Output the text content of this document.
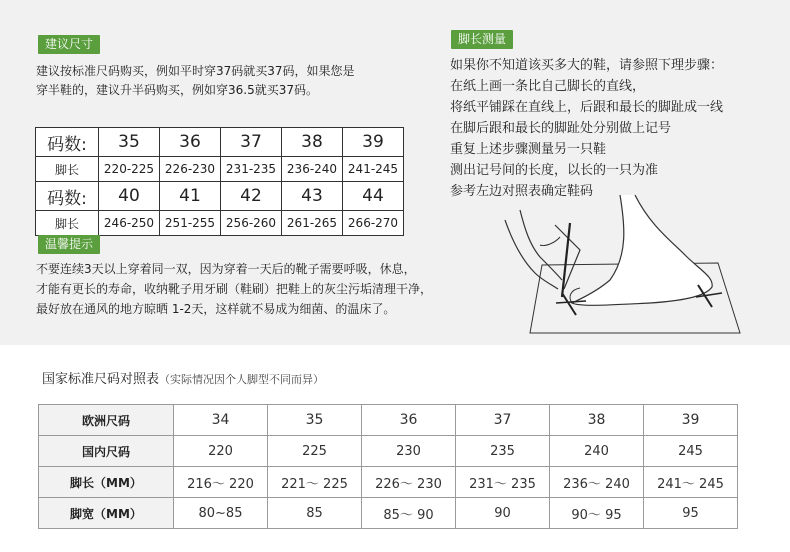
建议尺寸
建议按标准尺码购买，例如平时穿37码就买37码，如果您是
穿半鞋的，建议升半码购买，例如穿36.5就买37码。
脚长测量
如果你不知道该买多大的鞋，请参照下理步骤：
在纸上画一条比自己脚长的直线，
将纸平铺踩在直线上，后跟和最长的脚趾成一线
在脚后跟和最长的脚趾处分别做上记号
重复上述步骤测量另一只鞋
测出记号间的长度，以长的一只为准
参考左边对照表确定鞋码
码数:	35	36	37	38	39
脚长	220-225	226-230	231-235	236-240	241-245
码数:	40	41	42	43	44
脚长	246-250	251-255	256-260	261-265	266-270
温馨提示
不要连续3天以上穿着同一双，因为穿着一天后的靴子需要呼吸，休息，
才能有更长的寿命，收纳靴子用牙刷（鞋刷）把鞋上的灰尘污垢清理干净，
最好放在通风的地方晾晒 1-2天，这样就不易成为细菌、的温床了。
国家标准尺码对照表（实际情况因个人脚型不同而异）
欧洲尺码	34	35	36	37	38	39
国内尺码	220	225	230	235	240	245
脚长（MM）	216～ 220	221～ 225	226～ 230	231～ 235	236～ 240	241～ 245
脚宽（MM）	80~85	85	85～ 90	90	90～ 95	95
